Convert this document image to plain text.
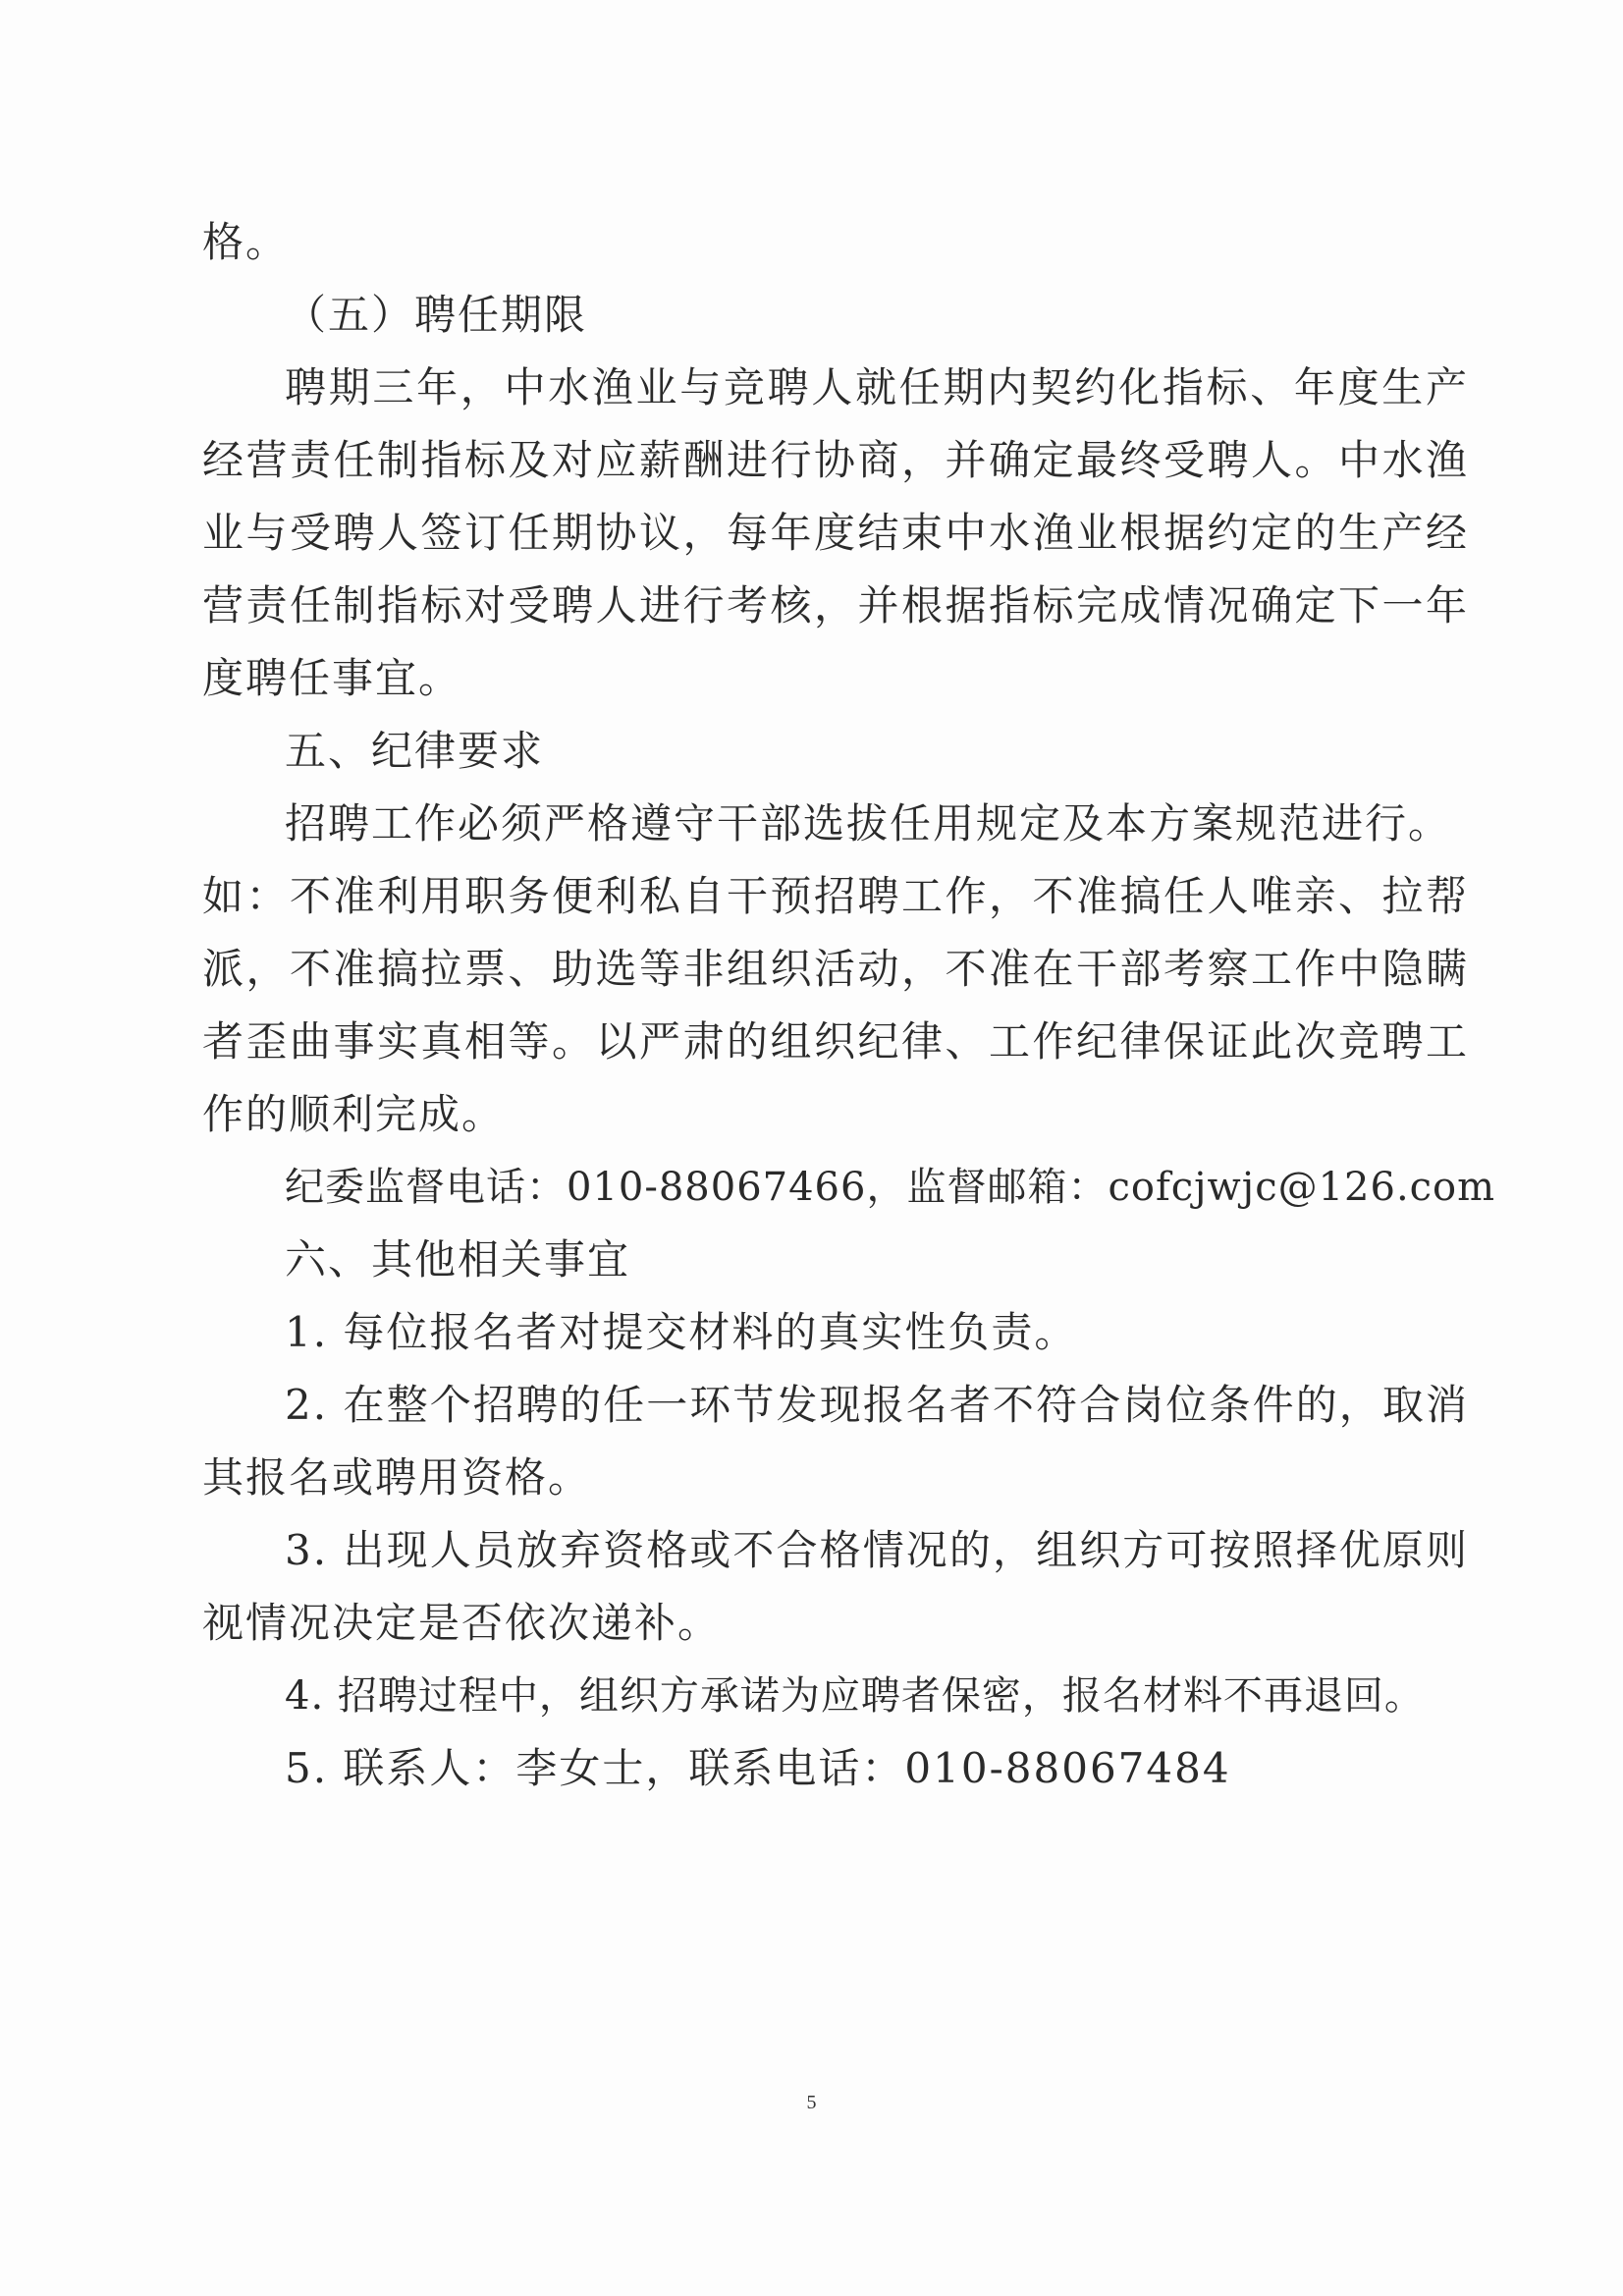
格。
（五）聘任期限
聘期三年，中水渔业与竞聘人就任期内契约化指标、年度生产
经营责任制指标及对应薪酬进行协商，并确定最终受聘人。中水渔
业与受聘人签订任期协议，每年度结束中水渔业根据约定的生产经
营责任制指标对受聘人进行考核，并根据指标完成情况确定下一年
度聘任事宜。
五、纪律要求
招聘工作必须严格遵守干部选拔任用规定及本方案规范进行。
如：不准利用职务便利私自干预招聘工作，不准搞任人唯亲、拉帮
派，不准搞拉票、助选等非组织活动，不准在干部考察工作中隐瞒
者歪曲事实真相等。以严肃的组织纪律、工作纪律保证此次竞聘工
作的顺利完成。
纪委监督电话：010-88067466，监督邮箱：cofcjwjc@126.com
六、其他相关事宜
1. 每位报名者对提交材料的真实性负责。
2. 在整个招聘的任一环节发现报名者不符合岗位条件的，取消
其报名或聘用资格。
3. 出现人员放弃资格或不合格情况的，组织方可按照择优原则
视情况决定是否依次递补。
4. 招聘过程中，组织方承诺为应聘者保密，报名材料不再退回。
5. 联系人：李女士，联系电话：010-88067484
5
